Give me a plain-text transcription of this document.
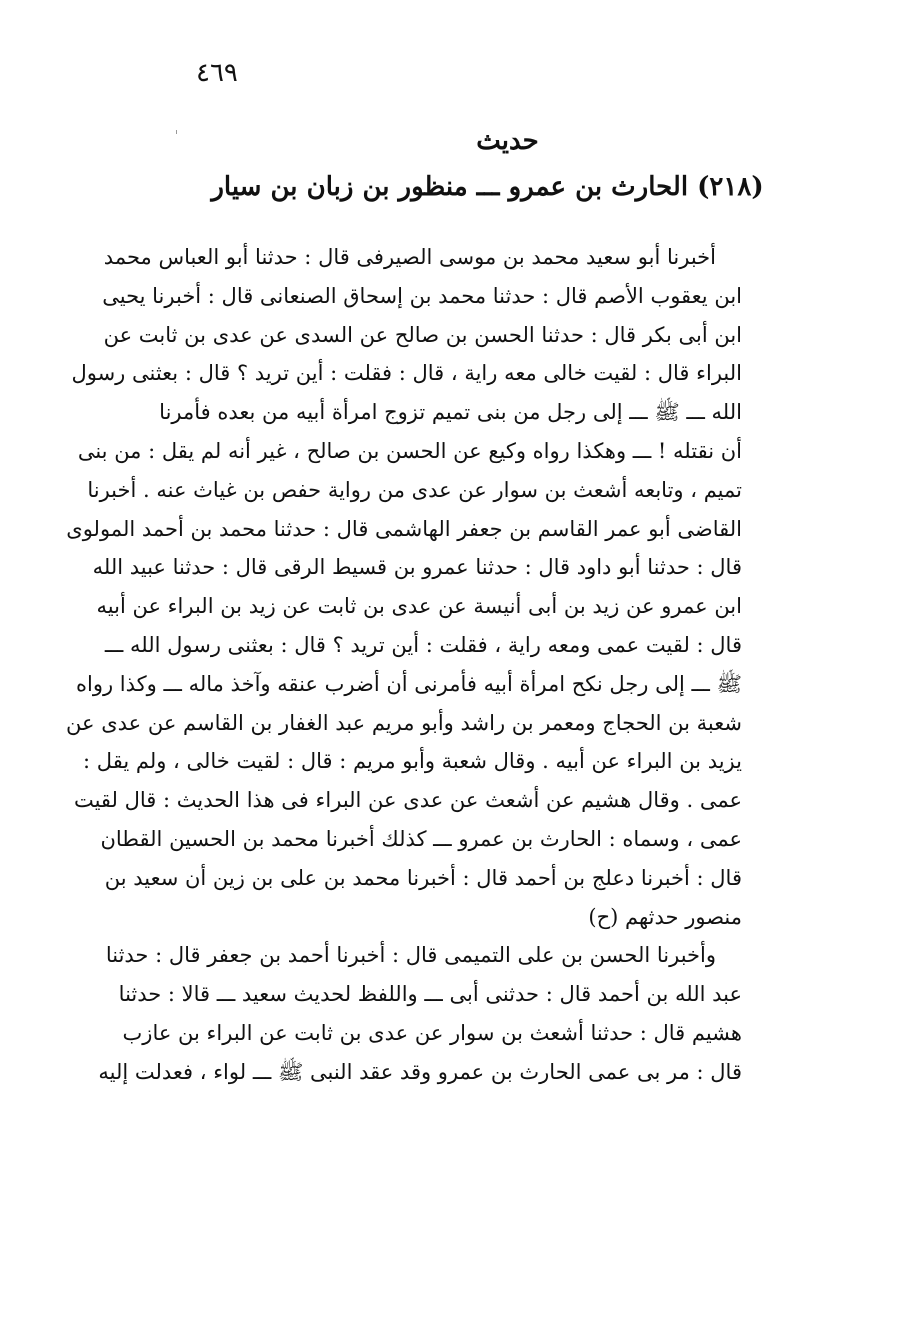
٤٦٩
حديث
(٢١٨) الحارث بن عمرو ـــ منظور بن زبان بن سيار
أخبرنا أبو سعيد محمد بن موسى الصيرفى قال : حدثنا أبو العباس محمد
ابن يعقوب الأصم قال : حدثنا محمد بن إسحاق الصنعانى قال : أخبرنا يحيى
ابن أبى بكر قال : حدثنا الحسن بن صالح عن السدى عن عدى بن ثابت عن
البراء قال : لقيت خالى معه راية ، قال : فقلت : أين تريد ؟ قال : بعثنى رسول
الله ـــ ﷺ ـــ إلى رجل من بنى تميم تزوج امرأة أبيه من بعده فأمرنا
أن نقتله ! ـــ وهكذا رواه وكيع عن الحسن بن صالح ، غير أنه لم يقل : من بنى
تميم ، وتابعه أشعث بن سوار عن عدى من رواية حفص بن غياث عنه . أخبرنا
القاضى أبو عمر القاسم بن جعفر الهاشمى قال : حدثنا محمد بن أحمد المولوى
قال : حدثنا أبو داود قال : حدثنا عمرو بن قسيط الرقى قال : حدثنا عبيد الله
ابن عمرو عن زيد بن أبى أنيسة عن عدى بن ثابت عن زيد بن البراء عن أبيه
قال : لقيت عمى ومعه راية ، فقلت : أين تريد ؟ قال : بعثنى رسول الله ـــ
ﷺ ـــ إلى رجل نكح امرأة أبيه فأمرنى أن أضرب عنقه وآخذ ماله ـــ وكذا رواه
شعبة بن الحجاج ومعمر بن راشد وأبو مريم عبد الغفار بن القاسم عن عدى عن
يزيد بن البراء عن أبيه . وقال شعبة وأبو مريم : قال : لقيت خالى ، ولم يقل :
عمى . وقال هشيم عن أشعث عن عدى عن البراء فى هذا الحديث : قال لقيت
عمى ، وسماه : الحارث بن عمرو ـــ كذلك أخبرنا محمد بن الحسين القطان
قال : أخبرنا دعلج بن أحمد قال : أخبرنا محمد بن على بن زين أن سعيد بن
منصور حدثهم (ح)
وأخبرنا الحسن بن على التميمى قال : أخبرنا أحمد بن جعفر قال : حدثنا
عبد الله بن أحمد قال : حدثنى أبى ـــ واللفظ لحديث سعيد ـــ قالا : حدثنا
هشيم قال : حدثنا أشعث بن سوار عن عدى بن ثابت عن البراء بن عازب
قال : مر بى عمى الحارث بن عمرو وقد عقد النبى ﷺ ـــ لواء ، فعدلت إليه
